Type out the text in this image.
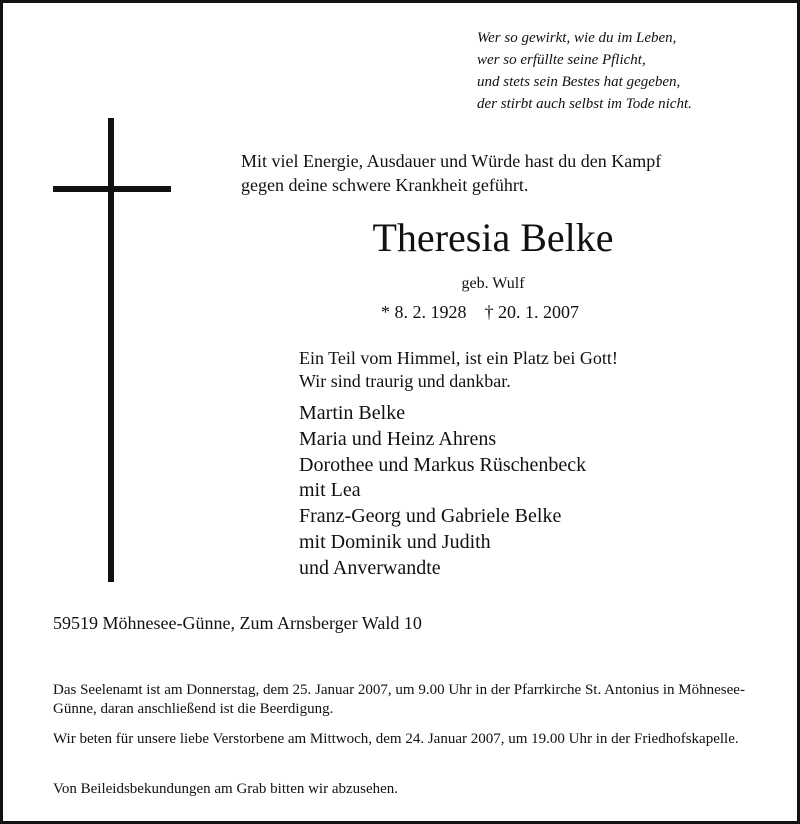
Wer so gewirkt, wie du im Leben,
wer so erfüllte seine Pflicht,
und stets sein Bestes hat gegeben,
der stirbt auch selbst im Tode nicht.
Mit viel Energie, Ausdauer und Würde hast du den Kampf
gegen deine schwere Krankheit geführt.
Theresia Belke
geb. Wulf
* 8. 2. 1928 † 20. 1. 2007
Ein Teil vom Himmel, ist ein Platz bei Gott!
Wir sind traurig und dankbar.
Martin Belke
Maria und Heinz Ahrens
Dorothee und Markus Rüschenbeck
mit Lea
Franz-Georg und Gabriele Belke
mit Dominik und Judith
und Anverwandte
59519 Möhnesee-Günne, Zum Arnsberger Wald 10
Das Seelenamt ist am Donnerstag, dem 25. Januar 2007, um 9.00 Uhr in der Pfarrkirche St. Antonius in Möhnesee-Günne, daran anschließend ist die Beerdigung.
Wir beten für unsere liebe Verstorbene am Mittwoch, dem 24. Januar 2007, um 19.00 Uhr in der Friedhofskapelle.
Von Beileidsbekundungen am Grab bitten wir abzusehen.
